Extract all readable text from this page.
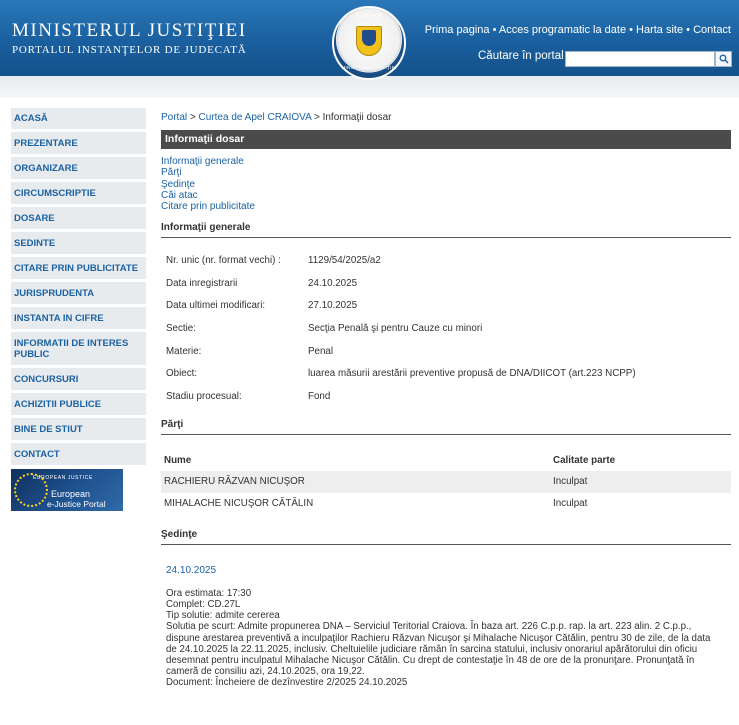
MINISTERUL JUSTIŢIEI
PORTALUL INSTANŢELOR DE JUDECATĂ
ROMANIA
MINISTERUL JUSTIŢIEI
Prima pagina • Acces programatic la date • Harta site • Contact
Căutare în portal
ACASĂ
PREZENTARE
ORGANIZARE
CIRCUMSCRIPTIE
DOSARE
SEDINTE
CITARE PRIN PUBLICITATE
JURISPRUDENTA
INSTANTA IN CIFRE
INFORMATII DE INTERES PUBLIC
CONCURSURI
ACHIZITII PUBLICE
BINE DE STIUT
CONTACT
EUROPEAN JUSTICE
European
e-Justice Portal
Portal > Curtea de Apel CRAIOVA > Informaţii dosar
Informaţii dosar
Informaţii generale
Părţi
Şedinţe
Căi atac
Citare prin publicitate
Informaţii generale
Nr. unic (nr. format vechi) :	1129/54/2025/a2
Data inregistrarii	24.10.2025
Data ultimei modificari:	27.10.2025
Sectie:	Secţia Penală şi pentru Cauze cu minori
Materie:	Penal
Obiect:	luarea măsurii arestării preventive propusă de DNA/DIICOT (art.223 NCPP)
Stadiu procesual:	Fond
Părţi
Nume	Calitate parte
RACHIERU RĂZVAN NICUŞOR	Inculpat
MIHALACHE NICUŞOR CĂTĂLIN	Inculpat
Şedinţe
24.10.2025
Ora estimata: 17:30
Complet: CD.27L
Tip solutie: admite cererea
Solutia pe scurt: Admite propunerea DNA – Serviciul Teritorial Craiova. În baza art. 226 C.p.p. rap. la art. 223 alin. 2 C.p.p.,
dispune arestarea preventivă a inculpaţilor Rachieru Răzvan Nicuşor şi Mihalache Nicuşor Cătălin, pentru 30 de zile, de la data
de 24.10.2025 la 22.11.2025, inclusiv. Cheltuielile judiciare rămân în sarcina statului, inclusiv onorariul apărătorului din oficiu
desemnat pentru inculpatul Mihalache Nicuşor Cătălin. Cu drept de contestaţie în 48 de ore de la pronunţare. Pronunţată în
cameră de consiliu azi, 24.10.2025, ora 19,22.
Document: Încheiere de dezînvestire 2/2025 24.10.2025
